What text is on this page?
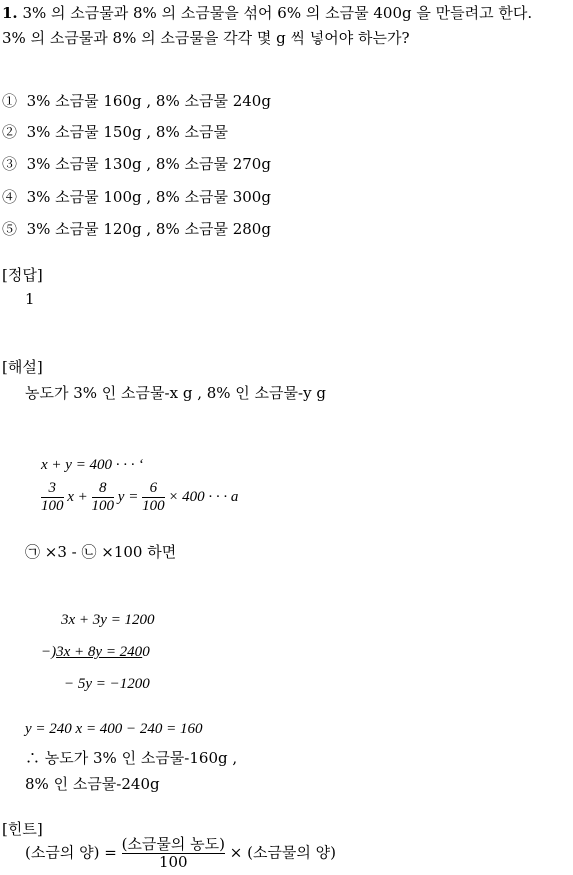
1. 3% 의 소금물과 8% 의 소금물을 섞어 6% 의 소금물 400g 을 만들려고 한다.
3% 의 소금물과 8% 의 소금물을 각각 몇 g 씩 넣어야 하는가?
① 3% 소금물 160g , 8% 소금물 240g
② 3% 소금물 150g , 8% 소금물
③ 3% 소금물 130g , 8% 소금물 270g
④ 3% 소금물 100g , 8% 소금물 300g
⑤ 3% 소금물 120g , 8% 소금물 280g
[정답]
1
[해설]
농도가 3% 인 소금물-x g , 8% 인 소금물-y g
x + y = 400 · · · ‘
$\frac{3}{100}$ $x + \frac{8}{100}$ $y = \frac{6}{100} \times 400$ · · · a
㉠ ×3 - ㉡ ×100 하면
3x + 3y = 1200
−)3x + 8y = 2400
− 5y = −1200
y = 240 x = 400 − 240 = 160
∴ 농도가 3% 인 소금물-160g ,
8% 인 소금물-240g
[힌트]
(소금의 양) = $\frac{\text{(소금물의 농도)}}{100}$ × (소금물의 양)
